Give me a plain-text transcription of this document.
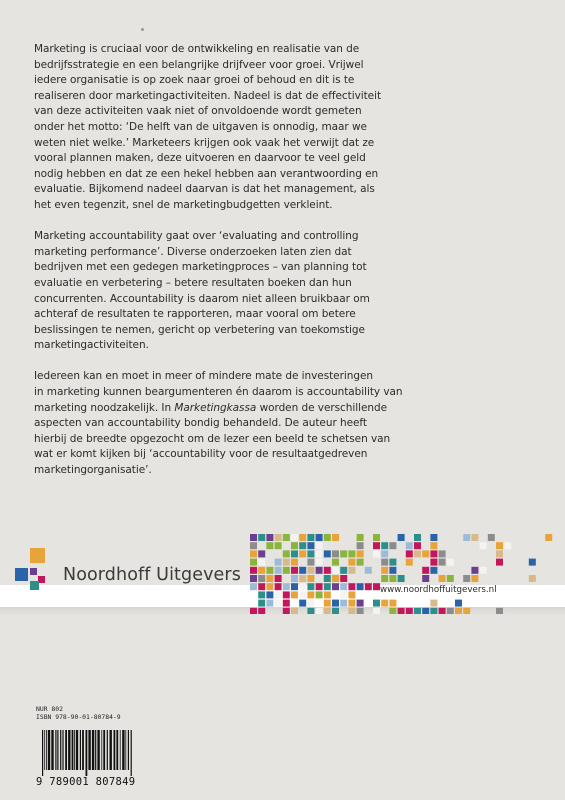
Marketing is cruciaal voor de ontwikkeling en realisatie van de
bedrijfsstrategie en een belangrijke drijfveer voor groei. Vrijwel
iedere organisatie is op zoek naar groei of behoud en dit is te
realiseren door marketingactiviteiten. Nadeel is dat de effectiviteit
van deze activiteiten vaak niet of onvoldoende wordt gemeten
onder het motto: ‘De helft van de uitgaven is onnodig, maar we
weten niet welke.’ Marketeers krijgen ook vaak het verwijt dat ze
vooral plannen maken, deze uitvoeren en daarvoor te veel geld
nodig hebben en dat ze een hekel hebben aan verantwoording en
evaluatie. Bijkomend nadeel daarvan is dat het management, als
het even tegenzit, snel de marketingbudgetten verkleint.

Marketing accountability gaat over ‘evaluating and controlling
marketing performance’. Diverse onderzoeken laten zien dat
bedrijven met een gedegen marketingproces – van planning tot
evaluatie en verbetering – betere resultaten boeken dan hun
concurrenten. Accountability is daarom niet alleen bruikbaar om
achteraf de resultaten te rapporteren, maar vooral om betere
beslissingen te nemen, gericht op verbetering van toekomstige
marketingactiviteiten.

Iedereen kan en moet in meer of mindere mate de investeringen
in marketing kunnen beargumenteren én daarom is accountability van
marketing noodzakelijk. In Marketingkassa worden de verschillende
aspecten van accountability bondig behandeld. De auteur heeft
hierbij de breedte opgezocht om de lezer een beeld te schetsen van
wat er komt kijken bij ‘accountability voor de resultaatgedreven
marketingorganisatie’.

Noordhoff Uitgevers
www.noordhoffuitgevers.nl
NUR 802
ISBN 978-90-01-80784-9
9 789001 807849
